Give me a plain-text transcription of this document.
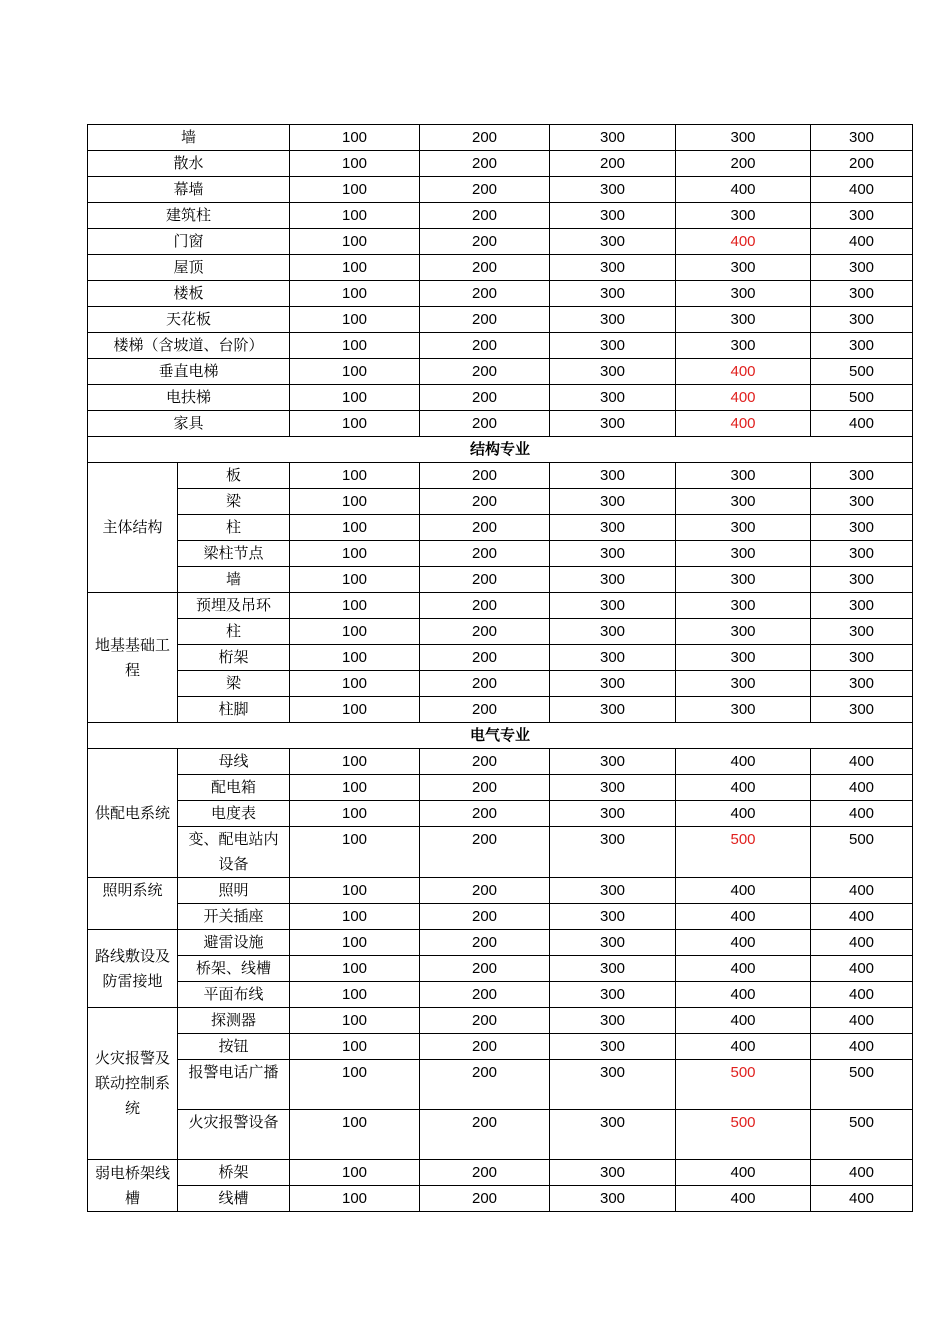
墙		100	200	300	300	300
散水		100	200	200	200	200
幕墙		100	200	300	400	400
建筑柱		100	200	300	300	300
门窗		100	200	300	400	400
屋顶		100	200	300	300	300
楼板		100	200	300	300	300
天花板		100	200	300	300	300
楼梯（含坡道、台阶）		100	200	300	300	300
垂直电梯		100	200	300	400	500
电扶梯		100	200	300	400	500
家具		100	200	300	400	400
结构专业						
主体结构	板	100	200	300	300	300
	梁	100	200	300	300	300
	柱	100	200	300	300	300
	梁柱节点	100	200	300	300	300
	墙	100	200	300	300	300
地基基础工程	预埋及吊环	100	200	300	300	300
	柱	100	200	300	300	300
	桁架	100	200	300	300	300
	梁	100	200	300	300	300
	柱脚	100	200	300	300	300
电气专业						
供配电系统	母线	100	200	300	400	400
	配电箱	100	200	300	400	400
	电度表	100	200	300	400	400
	变、配电站内设备	100	200	300	500	500
照明系统	照明	100	200	300	400	400
	开关插座	100	200	300	400	400
路线敷设及防雷接地	避雷设施	100	200	300	400	400
	桥架、线槽	100	200	300	400	400
	平面布线	100	200	300	400	400
火灾报警及联动控制系统	探测器	100	200	300	400	400
	按钮	100	200	300	400	400
	报警电话广播	100	200	300	500	500
	火灾报警设备	100	200	300	500	500
弱电桥架线槽	桥架	100	200	300	400	400
	线槽	100	200	300	400	400
